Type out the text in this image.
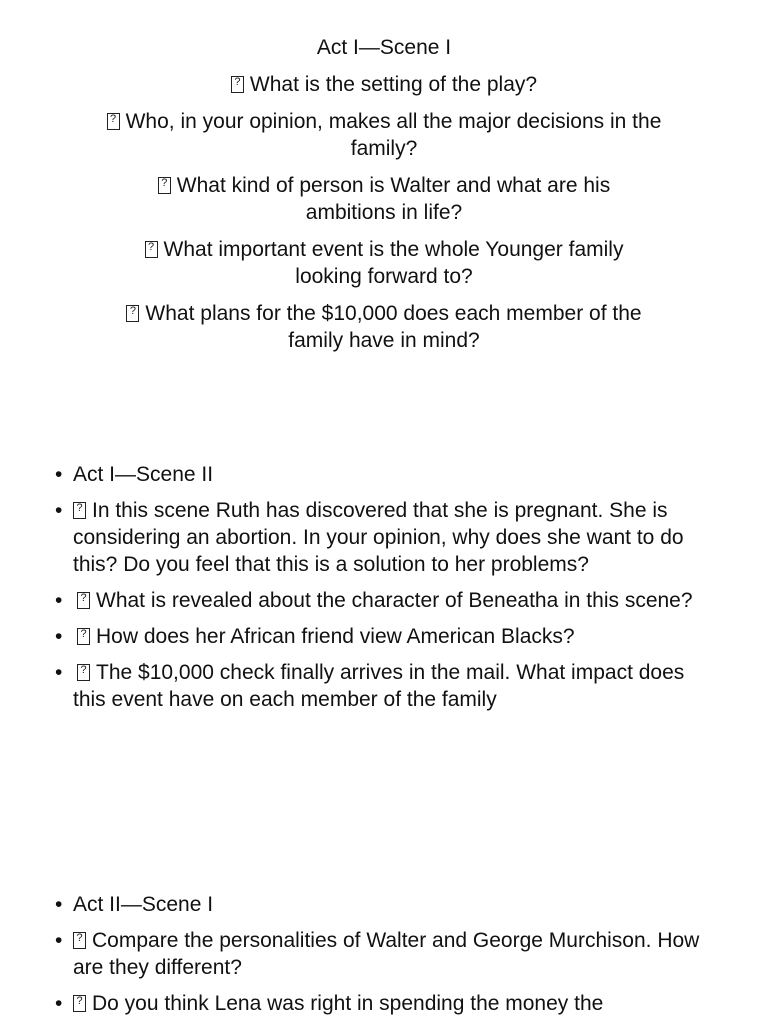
Act I—Scene I
?What is the setting of the play?
?Who, in your opinion, makes all the major decisions in the family?
?What kind of person is Walter and what are his ambitions in life?
?What important event is the whole Younger family looking forward to?
?What plans for the $10,000 does each member of the family have in mind?
• Act I—Scene II
?• In this scene Ruth has discovered that she is pregnant. She is considering an abortion. In your opinion, why does she want to do this? Do you feel that this is a solution to her problems?
?• What is revealed about the character of Beneatha in this scene?
?• How does her African friend view American Blacks?
?• The $10,000 check finally arrives in the mail. What impact does this event have on each member of the family
• Act II—Scene I
?• Compare the personalities of Walter and George Murchison. How are they different?
?• Do you think Lena was right in spending the money the
